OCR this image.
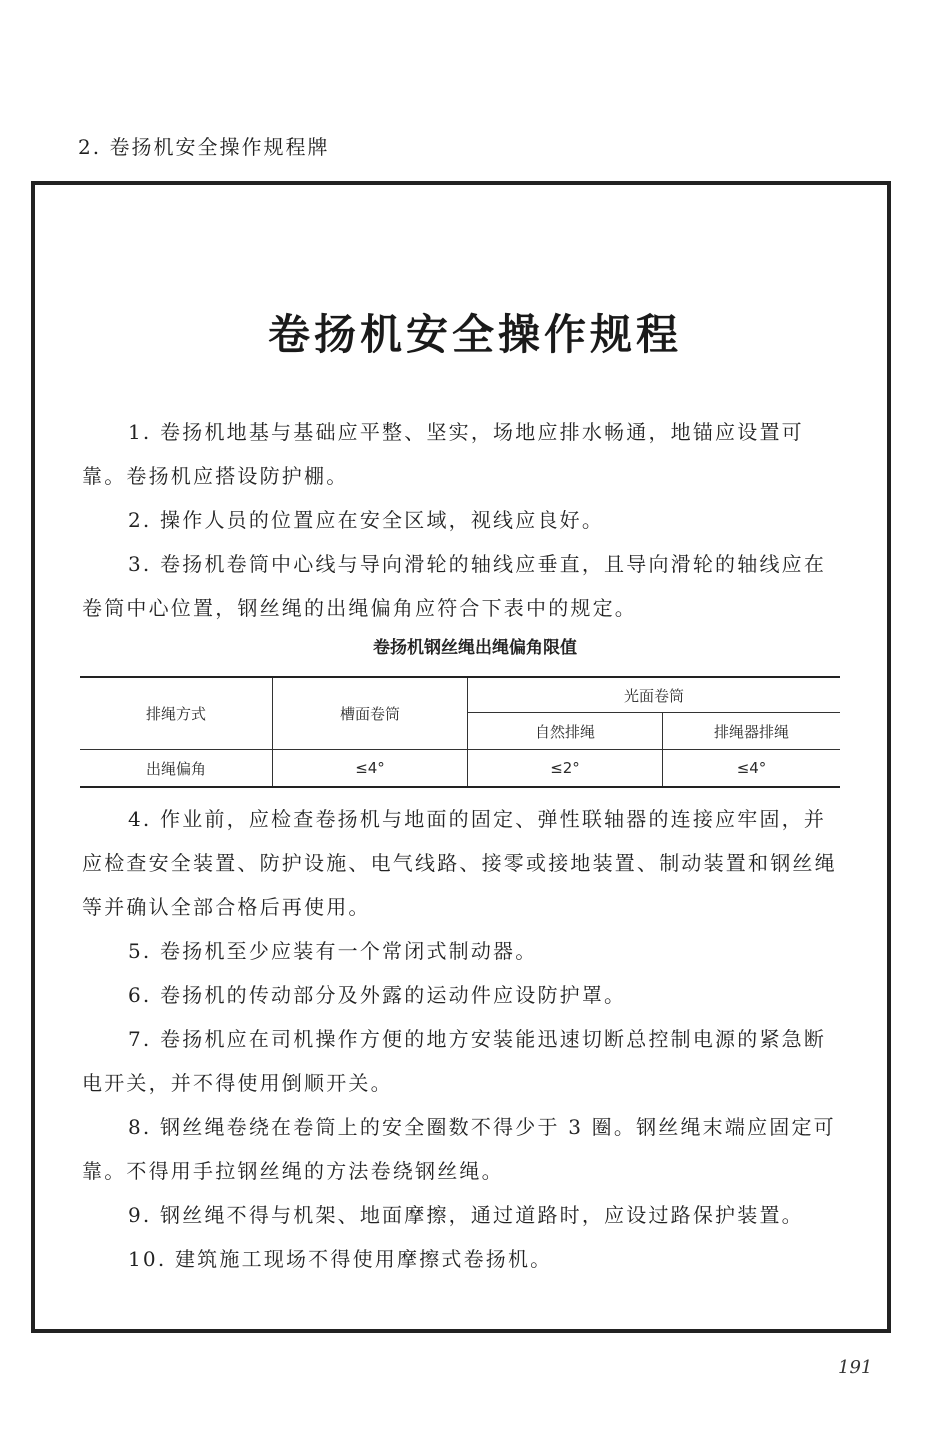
2. 卷扬机安全操作规程牌
卷扬机安全操作规程

1. 卷扬机地基与基础应平整、坚实，场地应排水畅通，地锚应设置可靠。卷扬机应搭设防护棚。

2. 操作人员的位置应在安全区域，视线应良好。

3. 卷扬机卷筒中心线与导向滑轮的轴线应垂直，且导向滑轮的轴线应在卷筒中心位置，钢丝绳的出绳偏角应符合下表中的规定。

卷扬机钢丝绳出绳偏角限值
排绳方式	槽面卷筒	光面卷筒	
		自然排绳	排绳器排绳
出绳偏角	≤4°	≤2°	≤4°

4. 作业前，应检查卷扬机与地面的固定、弹性联轴器的连接应牢固，并应检查安全装置、防护设施、电气线路、接零或接地装置、制动装置和钢丝绳等并确认全部合格后再使用。

5. 卷扬机至少应装有一个常闭式制动器。

6. 卷扬机的传动部分及外露的运动件应设防护罩。

7. 卷扬机应在司机操作方便的地方安装能迅速切断总控制电源的紧急断电开关，并不得使用倒顺开关。

8. 钢丝绳卷绕在卷筒上的安全圈数不得少于 3 圈。钢丝绳末端应固定可靠。不得用手拉钢丝绳的方法卷绕钢丝绳。

9. 钢丝绳不得与机架、地面摩擦，通过道路时，应设过路保护装置。

10. 建筑施工现场不得使用摩擦式卷扬机。

191
